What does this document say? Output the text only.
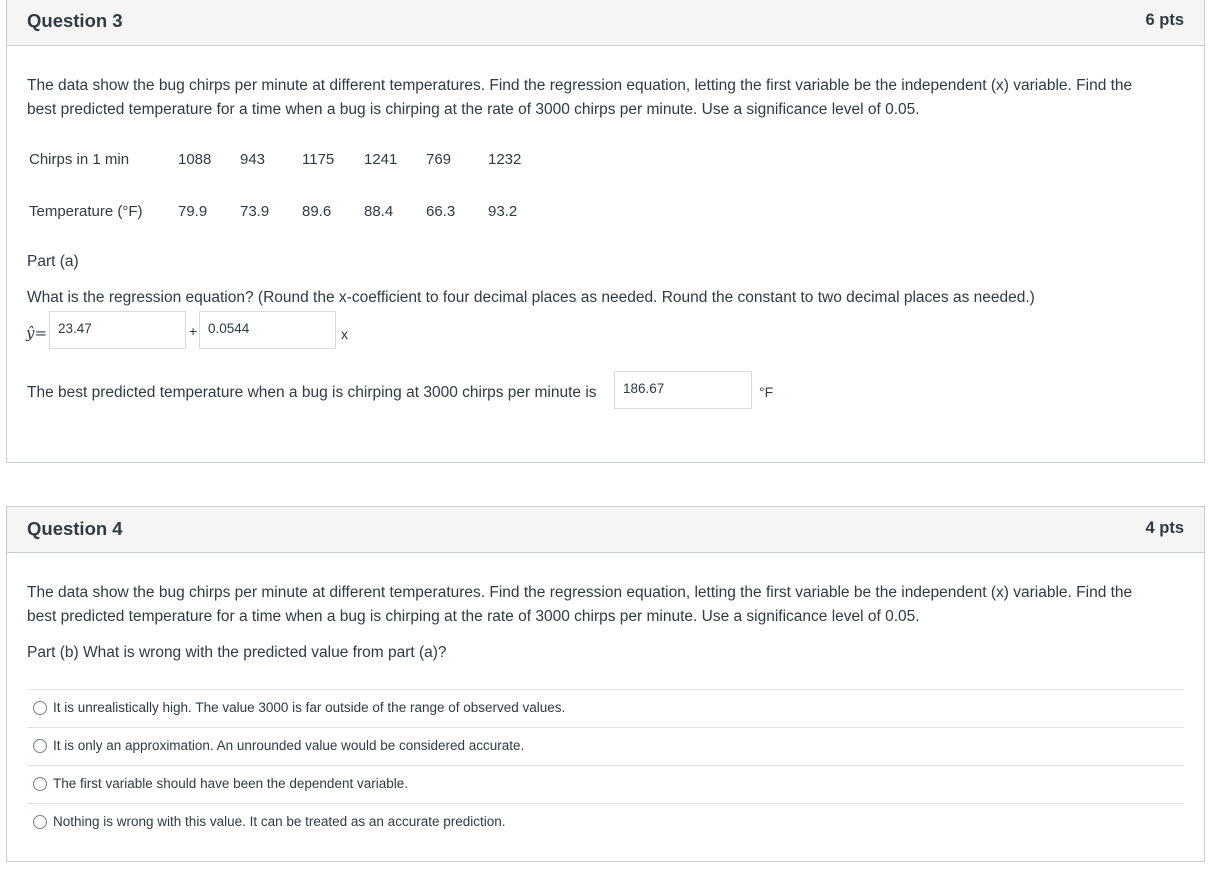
Question 3	6 pts
The data show the bug chirps per minute at different temperatures. Find the regression equation, letting the first variable be the independent (x) variable. Find the
best predicted temperature for a time when a bug is chirping at the rate of 3000 chirps per minute. Use a significance level of 0.05.
Chirps in 1 min	1088 943 1175 1241 769 1232
Temperature (°F) 79.9 73.9 89.6 88.4 66.3 93.2
Part (a)
What is the regression equation? (Round the x-coefficient to four decimal places as needed. Round the constant to two decimal places as needed.)
ŷ= 23.47	+ 0.0544	x
The best predicted temperature when a bug is chirping at 3000 chirps per minute is	186.67	°F
Question 4	4 pts
The data show the bug chirps per minute at different temperatures. Find the regression equation, letting the first variable be the independent (x) variable. Find the
best predicted temperature for a time when a bug is chirping at the rate of 3000 chirps per minute. Use a significance level of 0.05.
Part (b) What is wrong with the predicted value from part (a)?
It is unrealistically high. The value 3000 is far outside of the range of observed values.
It is only an approximation. An unrounded value would be considered accurate.
The first variable should have been the dependent variable.
Nothing is wrong with this value. It can be treated as an accurate prediction.
